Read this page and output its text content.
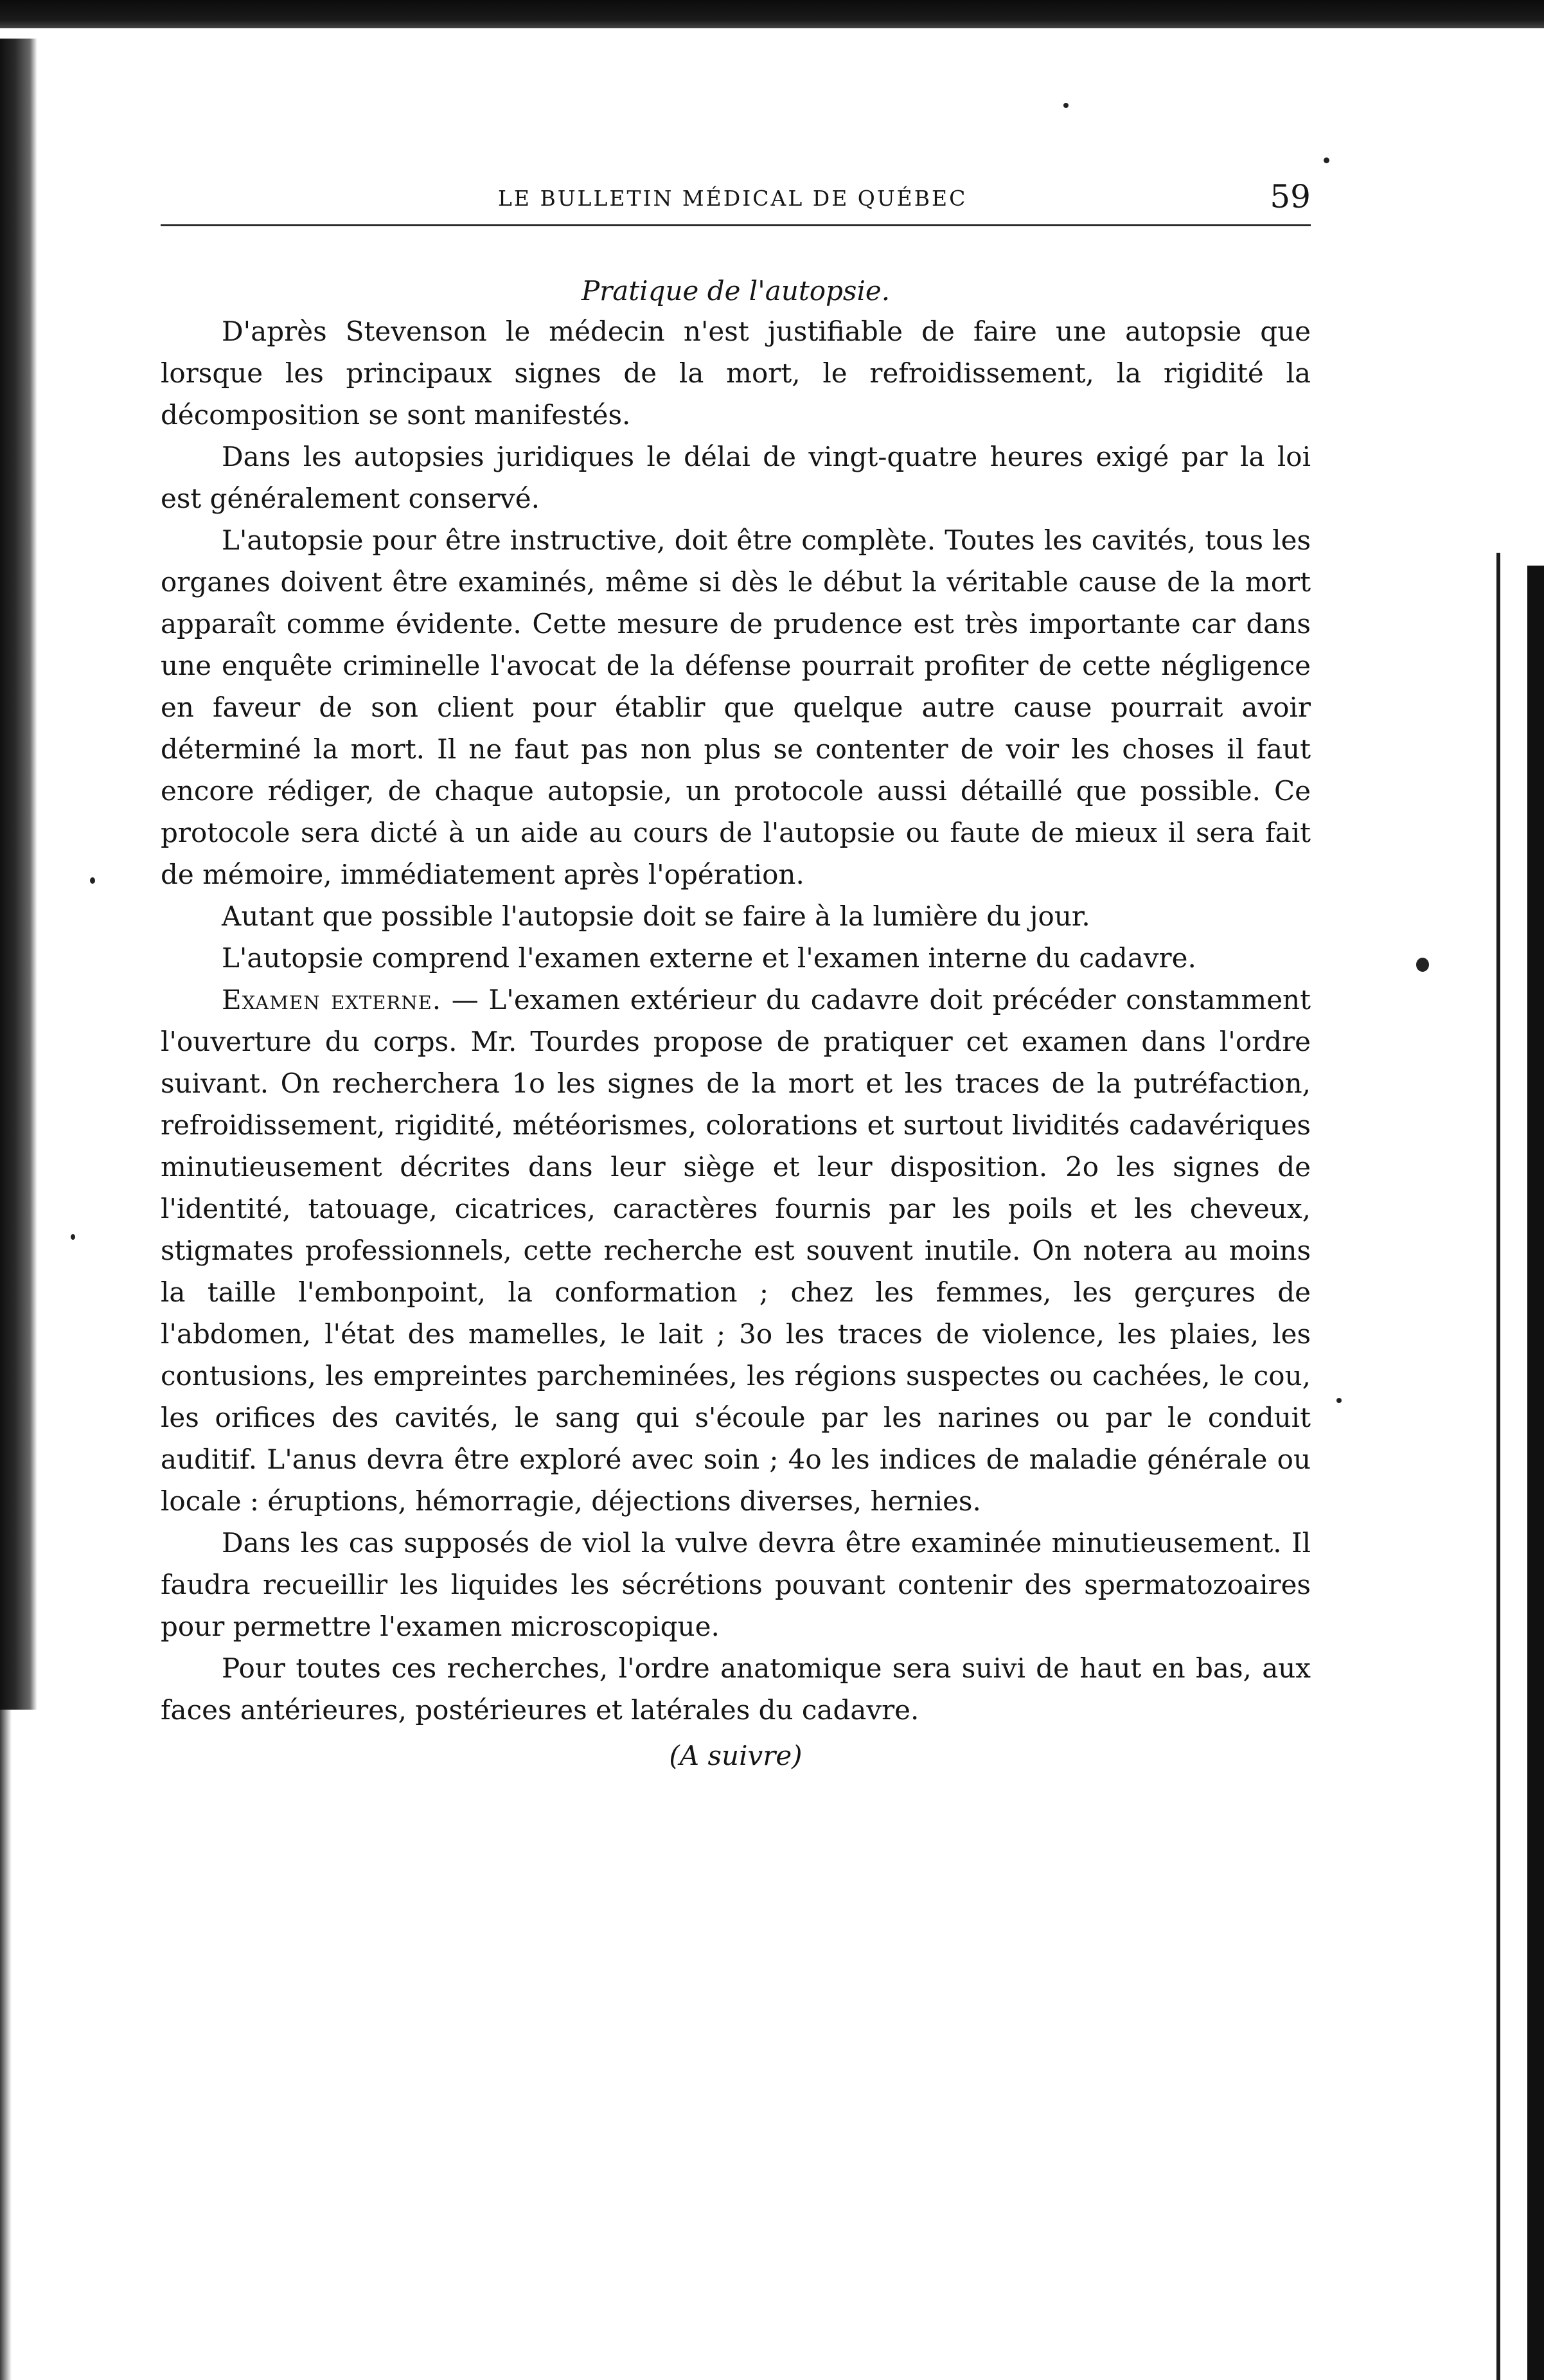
LE BULLETIN MÉDICAL DE QUÉBEC	59
Pratique de l'autopsie.

D'après Stevenson le médecin n'est justifiable de faire une autopsie que lorsque les principaux signes de la mort, le refroidissement, la rigidité la décomposition se sont manifestés.

Dans les autopsies juridiques le délai de vingt-quatre heures exigé par la loi est généralement conservé.

L'autopsie pour être instructive, doit être complète. Toutes les cavités, tous les organes doivent être examinés, même si dès le début la véritable cause de la mort apparaît comme évidente. Cette mesure de prudence est très importante car dans une enquête criminelle l'avocat de la défense pourrait profiter de cette négligence en faveur de son client pour établir que quelque autre cause pourrait avoir déterminé la mort. Il ne faut pas non plus se contenter de voir les choses il faut encore rédiger, de chaque autopsie, un protocole aussi détaillé que possible. Ce protocole sera dicté à un aide au cours de l'autopsie ou faute de mieux il sera fait de mémoire, immédiatement après l'opération.

Autant que possible l'autopsie doit se faire à la lumière du jour.

L'autopsie comprend l'examen externe et l'examen interne du cadavre.

Examen externe. — L'examen extérieur du cadavre doit précéder constamment l'ouverture du corps. Mr. Tourdes propose de pratiquer cet examen dans l'ordre suivant. On recherchera 1o les signes de la mort et les traces de la putréfaction, refroidissement, rigidité, météorismes, colorations et surtout lividités cadavériques minutieusement décrites dans leur siège et leur disposition. 2o les signes de l'identité, tatouage, cicatrices, caractères fournis par les poils et les cheveux, stigmates professionnels, cette recherche est souvent inutile. On notera au moins la taille l'embonpoint, la conformation ; chez les femmes, les gerçures de l'abdomen, l'état des mamelles, le lait ; 3o les traces de violence, les plaies, les contusions, les empreintes parcheminées, les régions suspectes ou cachées, le cou, les orifices des cavités, le sang qui s'écoule par les narines ou par le conduit auditif. L'anus devra être exploré avec soin ; 4o les indices de maladie générale ou locale : éruptions, hémorragie, déjections diverses, hernies.

Dans les cas supposés de viol la vulve devra être examinée minutieusement. Il faudra recueillir les liquides les sécrétions pouvant contenir des spermatozoaires pour permettre l'examen microscopique.

Pour toutes ces recherches, l'ordre anatomique sera suivi de haut en bas, aux faces antérieures, postérieures et latérales du cadavre.

(A suivre)
